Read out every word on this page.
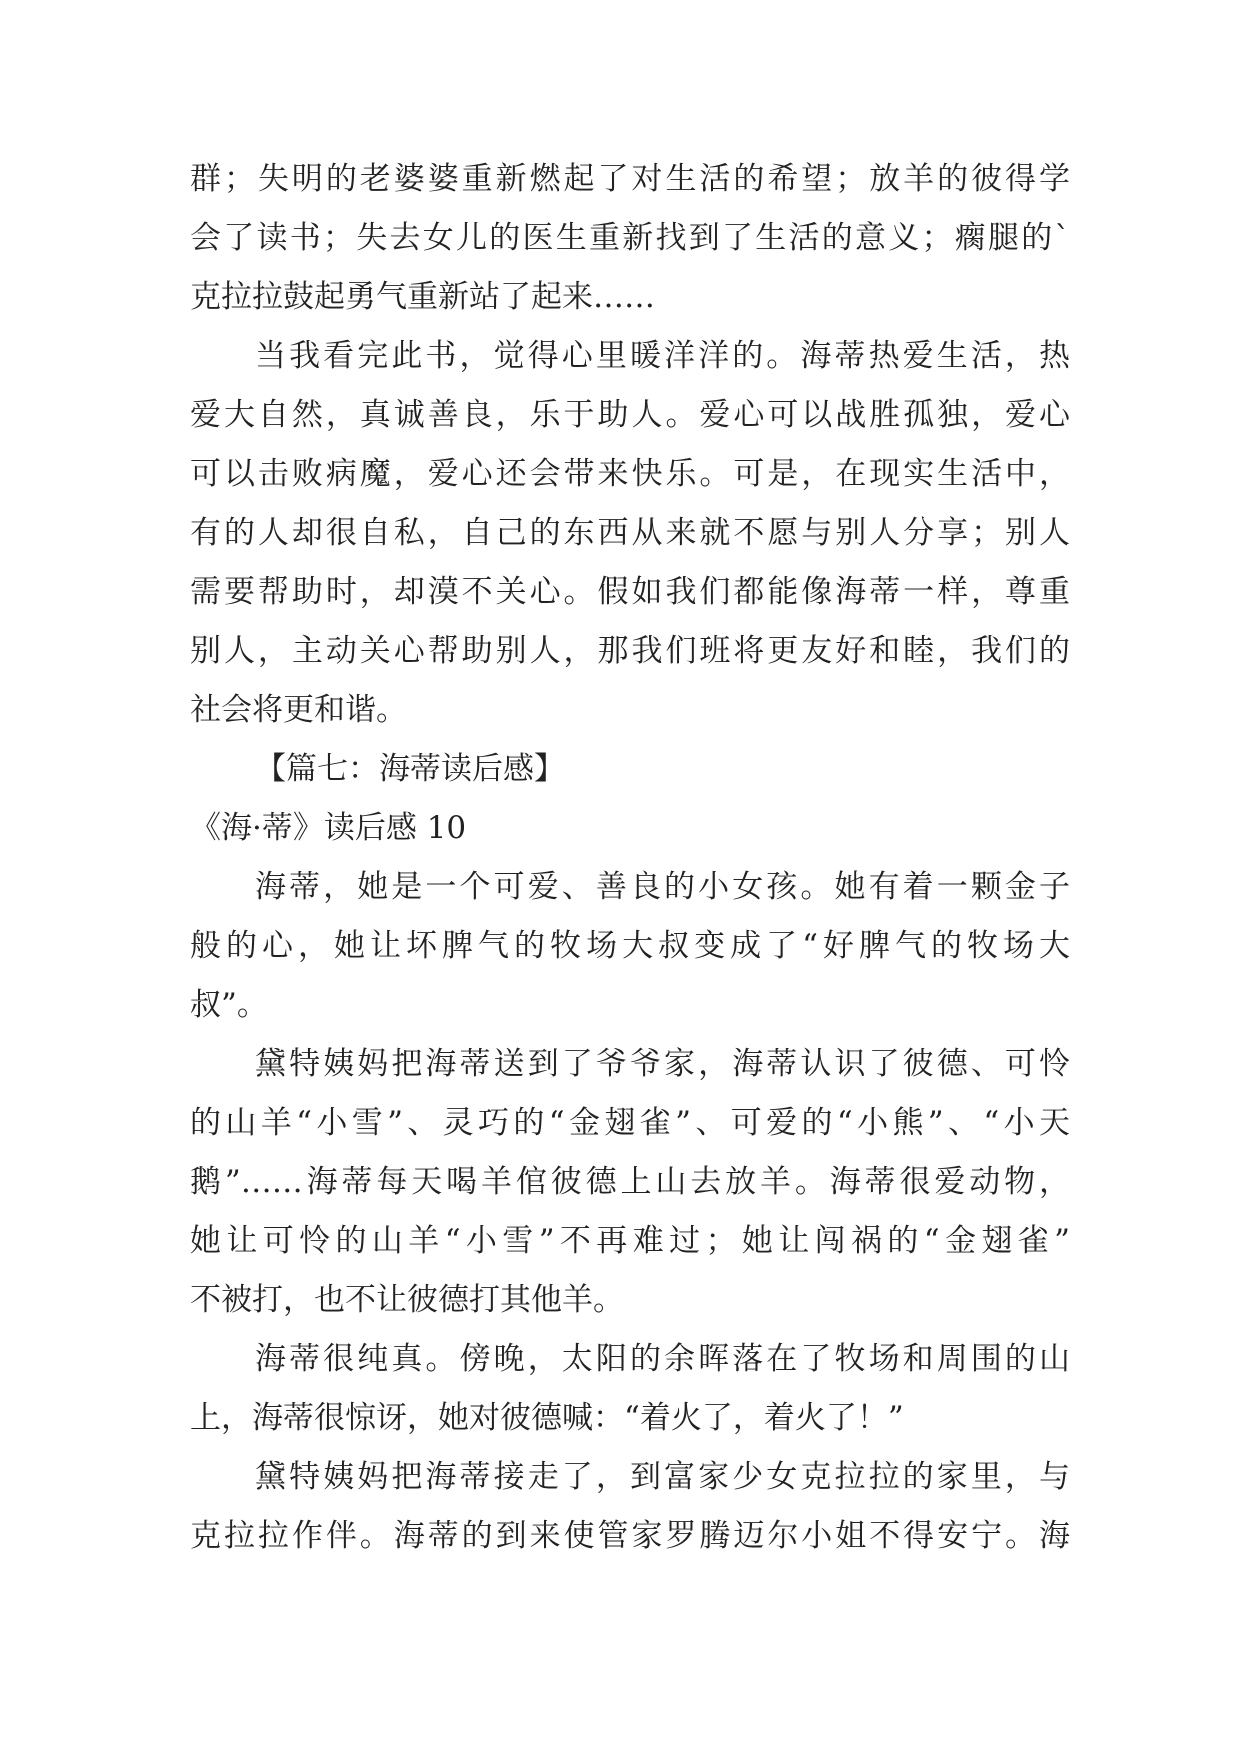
群；失明的老婆婆重新燃起了对生活的希望；放羊的彼得学
会了读书；失去女儿的医生重新找到了生活的意义；瘸腿的`
克拉拉鼓起勇气重新站了起来……
当我看完此书，觉得心里暖洋洋的。海蒂热爱生活，热
爱大自然，真诚善良，乐于助人。爱心可以战胜孤独，爱心
可以击败病魔，爱心还会带来快乐。可是，在现实生活中，
有的人却很自私，自己的东西从来就不愿与别人分享；别人
需要帮助时，却漠不关心。假如我们都能像海蒂一样，尊重
别人，主动关心帮助别人，那我们班将更友好和睦，我们的
社会将更和谐。
【篇七：海蒂读后感】
《海·蒂》读后感 10
海蒂，她是一个可爱、善良的小女孩。她有着一颗金子
般的心，她让坏脾气的牧场大叔变成了“好脾气的牧场大
叔”。
黛特姨妈把海蒂送到了爷爷家，海蒂认识了彼德、可怜
的山羊“小雪”、灵巧的“金翅雀”、可爱的“小熊”、“小天
鹅”……海蒂每天喝羊倌彼德上山去放羊。海蒂很爱动物，
她让可怜的山羊“小雪”不再难过；她让闯祸的“金翅雀”
不被打，也不让彼德打其他羊。
海蒂很纯真。傍晚，太阳的余晖落在了牧场和周围的山
上，海蒂很惊讶，她对彼德喊：“着火了，着火了！”
黛特姨妈把海蒂接走了，到富家少女克拉拉的家里，与
克拉拉作伴。海蒂的到来使管家罗腾迈尔小姐不得安宁。海
